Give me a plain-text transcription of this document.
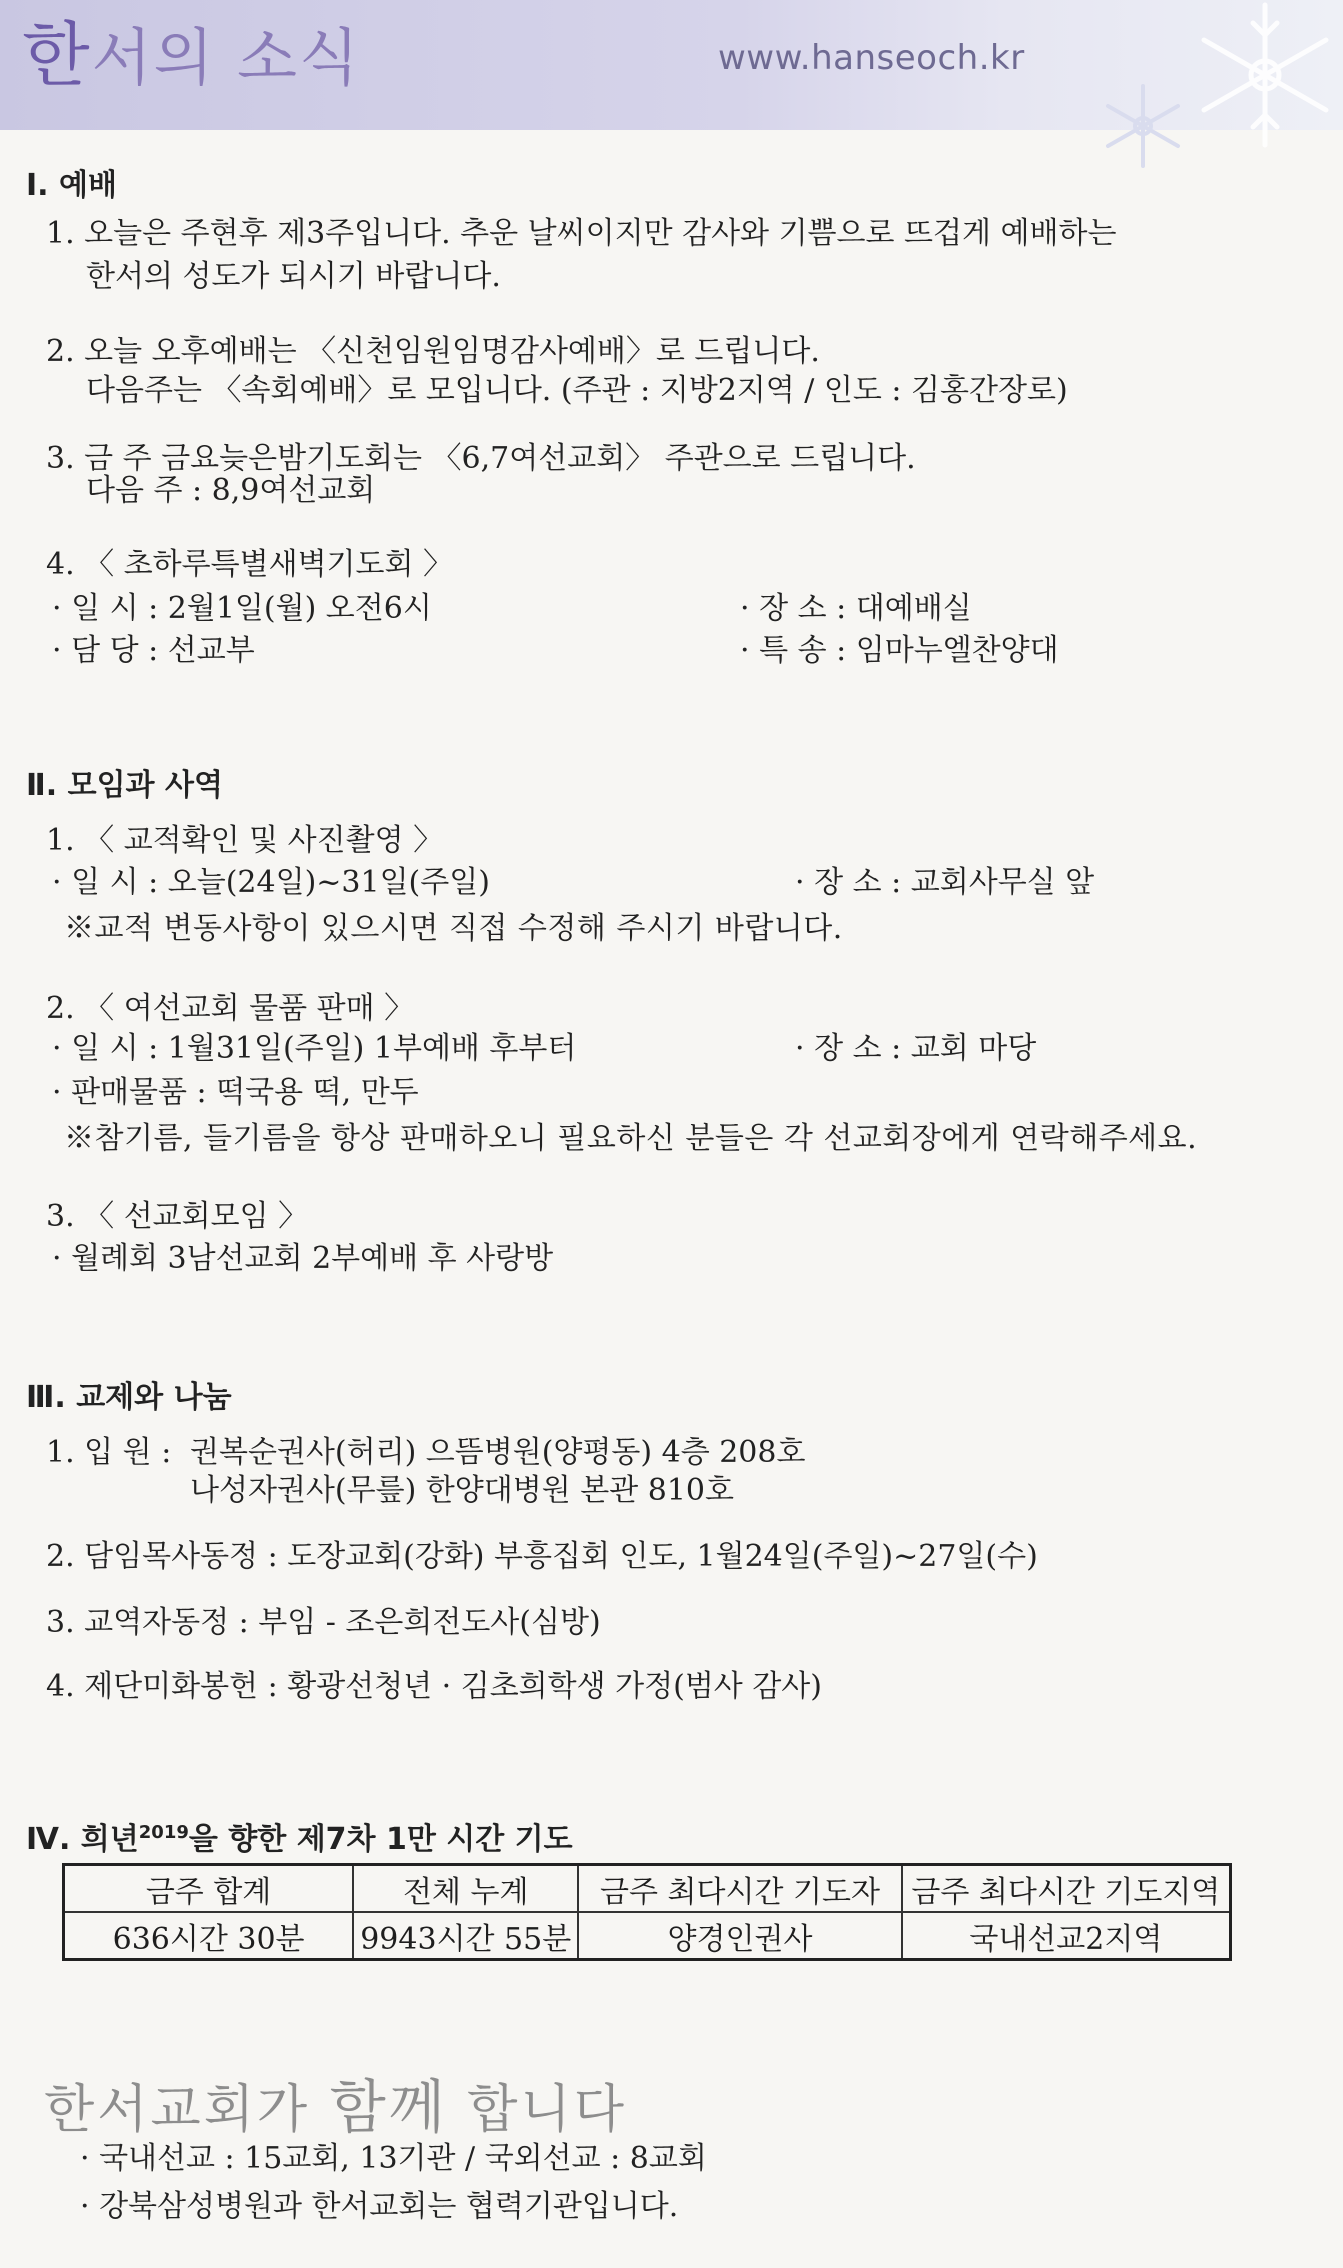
한서의 소식	www.hanseoch.kr
Ⅰ. 예배
1. 오늘은 주현후 제3주입니다. 추운 날씨이지만 감사와 기쁨으로 뜨겁게 예배하는
한서의 성도가 되시기 바랍니다.
2. 오늘 오후예배는 〈신천임원임명감사예배〉로 드립니다.
다음주는 〈속회예배〉로 모입니다. (주관 : 지방2지역 / 인도 : 김홍간장로)
3. 금 주 금요늦은밤기도회는 〈6,7여선교회〉 주관으로 드립니다.
다음 주 : 8,9여선교회
4. 〈 초하루특별새벽기도회 〉
· 일 시 : 2월1일(월) 오전6시	· 장 소 : 대예배실
· 담 당 : 선교부	· 특 송 : 임마누엘찬양대
Ⅱ. 모임과 사역
1. 〈 교적확인 및 사진촬영 〉
· 일 시 : 오늘(24일)~31일(주일)	· 장 소 : 교회사무실 앞
※교적 변동사항이 있으시면 직접 수정해 주시기 바랍니다.
2. 〈 여선교회 물품 판매 〉
· 일 시 : 1월31일(주일) 1부예배 후부터	· 장 소 : 교회 마당
· 판매물품 : 떡국용 떡, 만두
※참기름, 들기름을 항상 판매하오니 필요하신 분들은 각 선교회장에게 연락해주세요.
3. 〈 선교회모임 〉
· 월례회 3남선교회 2부예배 후 사랑방
Ⅲ. 교제와 나눔
1. 입 원 : 권복순권사(허리) 으뜸병원(양평동) 4층 208호
나성자권사(무릎) 한양대병원 본관 810호
2. 담임목사동정 : 도장교회(강화) 부흥집회 인도, 1월24일(주일)~27일(수)
3. 교역자동정 : 부임 - 조은희전도사(심방)
4. 제단미화봉헌 : 황광선청년 · 김초희학생 가정(범사 감사)
Ⅳ. 희년$^{2019}$을 향한 제7차 1만 시간 기도
금주 합계	전체 누계	금주 최다시간 기도자	금주 최다시간 기도지역
636시간 30분	9943시간 55분	양경인권사	국내선교2지역
한서교회가 함께 합니다
· 국내선교 : 15교회, 13기관 / 국외선교 : 8교회
· 강북삼성병원과 한서교회는 협력기관입니다.
